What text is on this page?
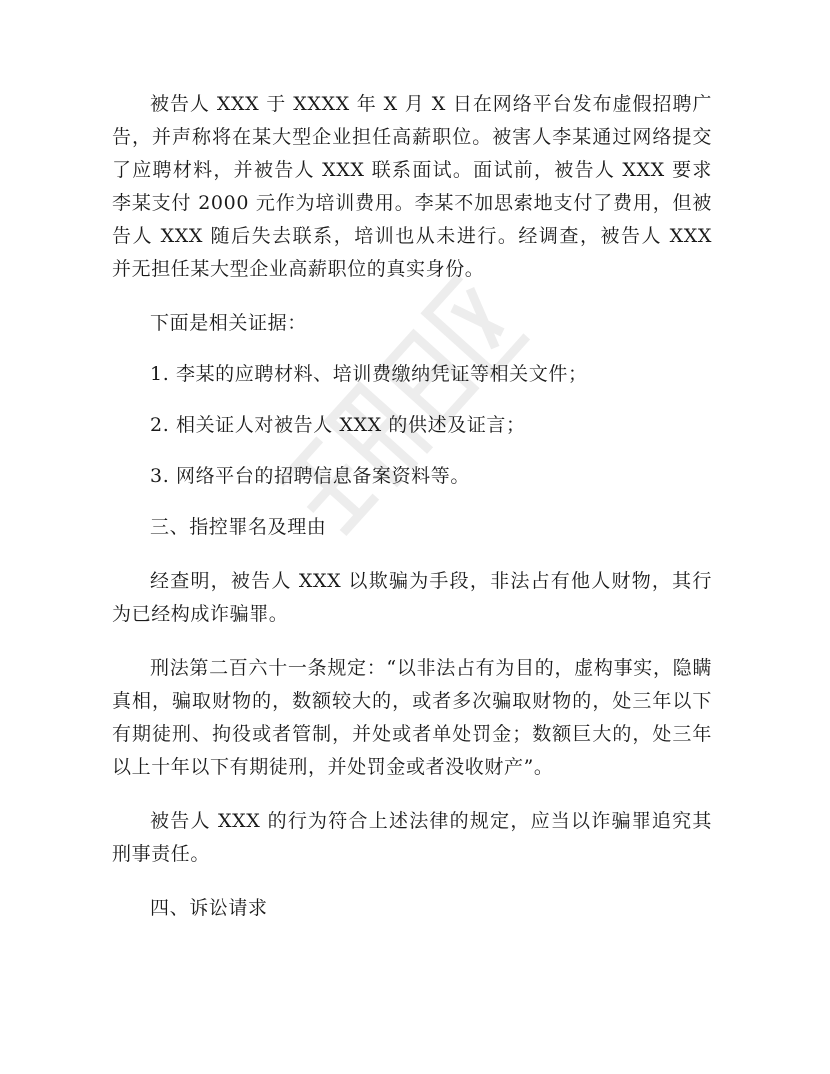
被告人 XXX 于 XXXX 年 X 月 X 日在网络平台发布虚假招聘广告，并声称将在某大型企业担任高薪职位。被害人李某通过网络提交了应聘材料，并被告人 XXX 联系面试。面试前，被告人 XXX 要求李某支付 2000 元作为培训费用。李某不加思索地支付了费用，但被告人 XXX 随后失去联系，培训也从未进行。经调查，被告人 XXX 并无担任某大型企业高薪职位的真实身份。

下面是相关证据：

1. 李某的应聘材料、培训费缴纳凭证等相关文件；

2. 相关证人对被告人 XXX 的供述及证言；

3. 网络平台的招聘信息备案资料等。

三、指控罪名及理由

经查明，被告人 XXX 以欺骗为手段，非法占有他人财物，其行为已经构成诈骗罪。

刑法第二百六十一条规定：“以非法占有为目的，虚构事实，隐瞒真相，骗取财物的，数额较大的，或者多次骗取财物的，处三年以下有期徒刑、拘役或者管制，并处或者单处罚金；数额巨大的，处三年以上十年以下有期徒刑，并处罚金或者没收财产”。

被告人 XXX 的行为符合上述法律的规定，应当以诈骗罪追究其刑事责任。

四、诉讼请求
